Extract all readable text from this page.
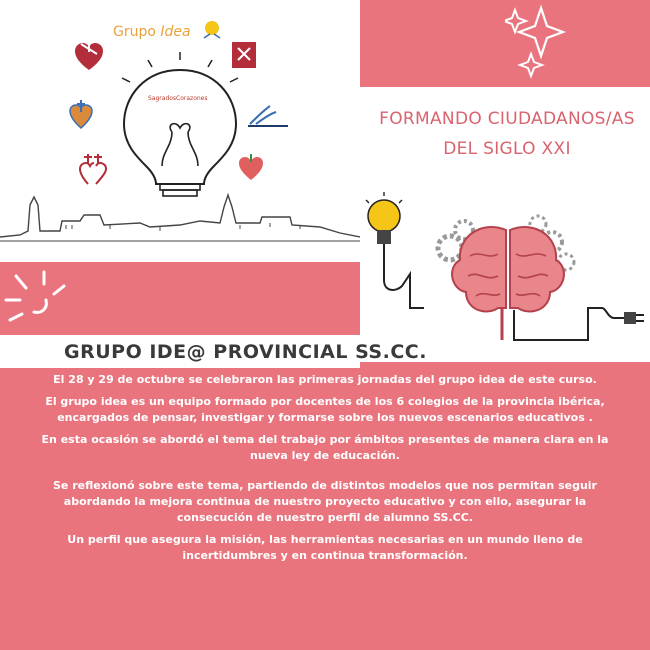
Grupo Idea
SagradosCorazones
FORMANDO CIUDADANOS/AS
DEL SIGLO XXI
GRUPO IDE@ PROVINCIAL SS.CC.

El 28 y 29 de octubre se celebraron las primeras jornadas del grupo idea de este curso.

El grupo idea es un equipo formado por docentes de los 6 colegios de la provincia ibérica, encargados de pensar, investigar y formarse sobre los nuevos escenarios educativos .

En esta ocasión se abordó el tema del trabajo por ámbitos presentes de manera clara en la nueva ley de educación.

Se reflexionó sobre este tema, partiendo de distintos modelos que nos permitan seguir abordando la mejora continua de nuestro proyecto educativo y con ello, asegurar la consecución de nuestro perfil de alumno SS.CC.

Un perfil que asegura la misión, las herramientas necesarias en un mundo lleno de incertidumbres y en continua transformación.
